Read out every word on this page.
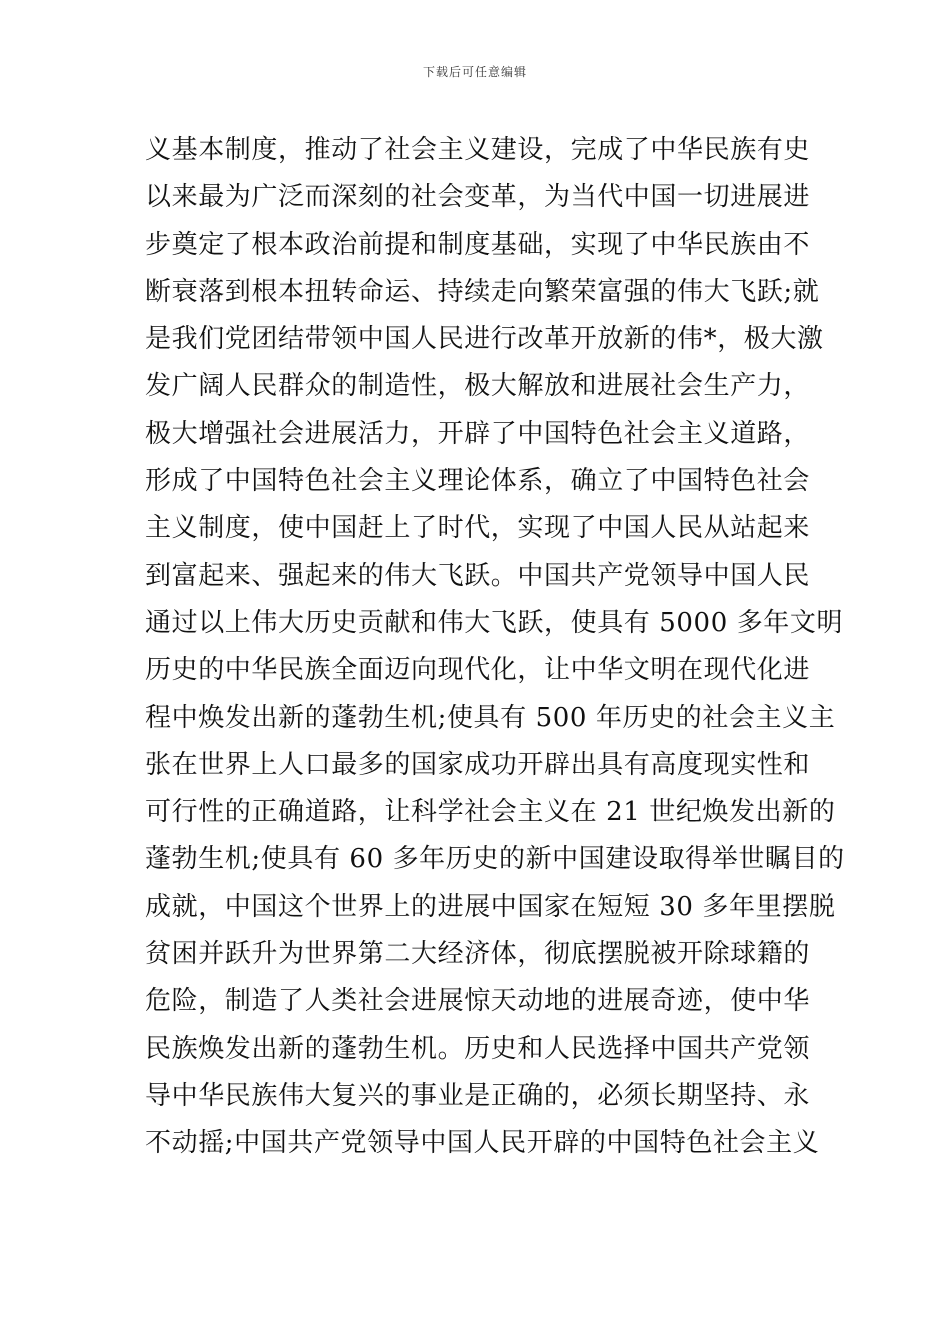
下载后可任意编辑
义基本制度，推动了社会主义建设，完成了中华民族有史
以来最为广泛而深刻的社会变革，为当代中国一切进展进
步奠定了根本政治前提和制度基础，实现了中华民族由不
断衰落到根本扭转命运、持续走向繁荣富强的伟大飞跃;就
是我们党团结带领中国人民进行改革开放新的伟*，极大激
发广阔人民群众的制造性，极大解放和进展社会生产力，
极大增强社会进展活力，开辟了中国特色社会主义道路，
形成了中国特色社会主义理论体系，确立了中国特色社会
主义制度，使中国赶上了时代，实现了中国人民从站起来
到富起来、强起来的伟大飞跃。中国共产党领导中国人民
通过以上伟大历史贡献和伟大飞跃，使具有 5000 多年文明
历史的中华民族全面迈向现代化，让中华文明在现代化进
程中焕发出新的蓬勃生机;使具有 500 年历史的社会主义主
张在世界上人口最多的国家成功开辟出具有高度现实性和
可行性的正确道路，让科学社会主义在 21 世纪焕发出新的
蓬勃生机;使具有 60 多年历史的新中国建设取得举世瞩目的
成就，中国这个世界上的进展中国家在短短 30 多年里摆脱
贫困并跃升为世界第二大经济体，彻底摆脱被开除球籍的
危险，制造了人类社会进展惊天动地的进展奇迹，使中华
民族焕发出新的蓬勃生机。历史和人民选择中国共产党领
导中华民族伟大复兴的事业是正确的，必须长期坚持、永
不动摇;中国共产党领导中国人民开辟的中国特色社会主义
